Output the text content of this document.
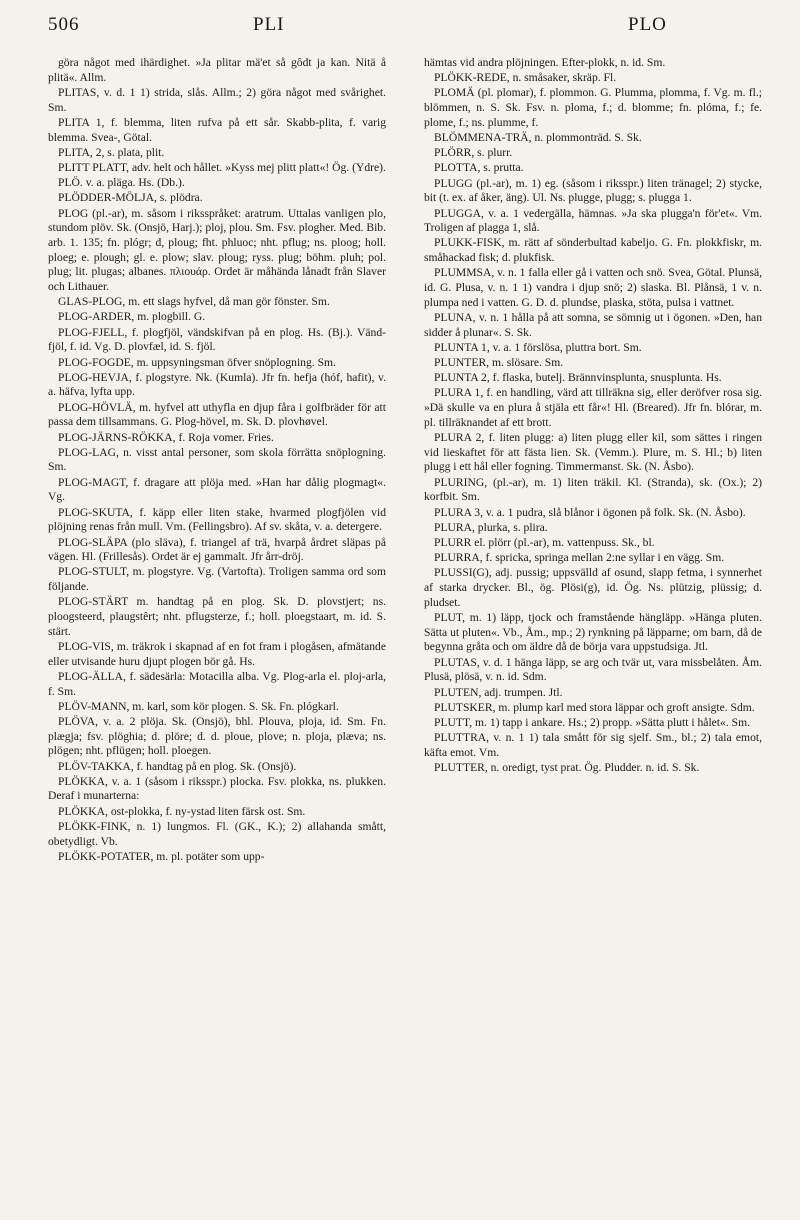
506	PLI	PLO

göra något med ihärdighet. »Ja plitar mä'et så gôdt ja kan. Nitä å plitä«. Allm.

PLITAS, v. d. 1 1) strida, slås. Allm.; 2) göra något med svårighet. Sm.

PLITA 1, f. blemma, liten rufva på ett sår. Skabb-plita, f. varig blemma. Svea-, Götal.

PLITA, 2, s. plata, plit.

PLITT PLATT, adv. helt och hållet. »Kyss mej plitt platt«! Ög. (Ydre).

PLÖ. v. a. pläga. Hs. (Db.).

PLÖDDER-MÖLJA, s. plödra.

PLOG (pl.-ar), m. såsom i riksspråket: aratrum. Uttalas vanligen plo, stundom plöv. Sk. (Onsjö, Harj.); ploj, plou. Sm. Fsv. plogher. Med. Bib. arb. 1. 135; fn. plógr; d, ploug; fht. phluoc; nht. pflug; ns. ploog; holl. ploeg; e. plough; gl. e. plow; slav. ploug; ryss. plug; böhm. pluh; pol. plug; lit. plugas; albanes. πλιουάρ. Ordet är måhända lånadt från Slaver och Lithauer.

GLAS-PLOG, m. ett slags hyfvel, då man gör fönster. Sm.

PLOG-ARDER, m. plogbill. G.

PLOG-FJELL, f. plogfjöl, vändskifvan på en plog. Hs. (Bj.). Vänd-fjöl, f. id. Vg. D. plovfæl, id. S. fjöl.

PLOG-FOGDE, m. uppsyningsman öfver snöplogning. Sm.

PLOG-HEVJA, f. plogstyre. Nk. (Kumla). Jfr fn. hefja (hóf, hafit), v. a. häfva, lyfta upp.

PLOG-HÖVLÄ, m. hyfvel att uthyfla en djup fåra i golfbräder för att passa dem tillsammans. G. Plog-hövel, m. Sk. D. plovhøvel.

PLOG-JÄRNS-RÖKKA, f. Roja vomer. Fries.

PLOG-LAG, n. visst antal personer, som skola förrätta snöplogning. Sm.

PLOG-MAGT, f. dragare att plöja med. »Han har dålig plogmagt«. Vg.

PLOG-SKUTA, f. käpp eller liten stake, hvarmed plogfjölen vid plöjning renas från mull. Vm. (Fellingsbro). Af sv. skåta, v. a. detergere.

PLOG-SLÄPA (plo släva), f. triangel af trä, hvarpå årdret släpas på vägen. Hl. (Frillesås). Ordet är ej gammalt. Jfr årr-dröj.

PLOG-STULT, m. plogstyre. Vg. (Vartofta). Troligen samma ord som följande.

PLOG-STÄRT m. handtag på en plog. Sk. D. plovstjert; ns. ploogsteerd, plaugstêrt; nht. pflugsterze, f.; holl. ploegstaart, m. id. S. stärt.

PLOG-VIS, m. träkrok i skapnad af en fot fram i plogåsen, afmätande eller utvisande huru djupt plogen bör gå. Hs.

PLOG-ÄLLA, f. sädesärla: Motacilla alba. Vg. Plog-arla el. ploj-arla, f. Sm.

PLÖV-MANN, m. karl, som kör plogen. S. Sk. Fn. plógkarl.

PLÖVA, v. a. 2 plöja. Sk. (Onsjö), bhl. Plouva, ploja, id. Sm. Fn. plægja; fsv. plöghia; d. plöre; d. d. ploue, plove; n. ploja, plæva; ns. plögen; nht. pflügen; holl. ploegen.

PLÖV-TAKKA, f. handtag på en plog. Sk. (Onsjö).

PLÖKKA, v. a. 1 (såsom i riksspr.) plocka. Fsv. plokka, ns. plukken. Deraf i munarterna:

PLÖKKA, ost-plokka, f. ny-ystad liten färsk ost. Sm.

PLÖKK-FINK, n. 1) lungmos. Fl. (GK., K.); 2) allahanda smått, obetydligt. Vb.

PLÖKK-POTATER, m. pl. potäter som upp-

hämtas vid andra plöjningen. Efter-plokk, n. id. Sm.

PLÖKK-REDE, n. småsaker, skräp. Fl.

PLOMÄ (pl. plomar), f. plommon. G. Plumma, plomma, f. Vg. m. fl.; blömmen, n. S. Sk. Fsv. n. ploma, f.; d. blomme; fn. plóma, f.; fe. plome, f.; ns. plumme, f.

BLÖMMENA-TRÄ, n. plommonträd. S. Sk.

PLÖRR, s. plurr.

PLOTTA, s. prutta.

PLUGG (pl.-ar), m. 1) eg. (såsom i riksspr.) liten tränagel; 2) stycke, bit (t. ex. af åker, äng). Ul. Ns. plugge, plugg; s. plugga 1.

PLUGGA, v. a. 1 vedergälla, hämnas. »Ja ska plugga'n för'et«. Vm. Troligen af plagga 1, slå.

PLUKK-FISK, m. rätt af sönderbultad kabeljo. G. Fn. plokkfiskr, m. småhackad fisk; d. plukfisk.

PLUMMSA, v. n. 1 falla eller gå i vatten och snö. Svea, Götal. Plunsä, id. G. Plusa, v. n. 1 1) vandra i djup snö; 2) slaska. Bl. Plånsä, 1 v. n. plumpa ned i vatten. G. D. d. plundse, plaska, stöta, pulsa i vattnet.

PLUNA, v. n. 1 hålla på att somna, se sömnig ut i ögonen. »Den, han sidder å plunar«. S. Sk.

PLUNTA 1, v. a. 1 förslösa, pluttra bort. Sm.

PLUNTER, m. slösare. Sm.

PLUNTA 2, f. flaska, butelj. Brännvinsplunta, snusplunta. Hs.

PLURA 1, f. en handling, värd att tillräkna sig, eller deröfver rosa sig. »Dä skulle va en plura å stjäla ett får«! Hl. (Breared). Jfr fn. blórar, m. pl. tillräknandet af ett brott.

PLURA 2, f. liten plugg: a) liten plugg eller kil, som sättes i ringen vid lieskaftet för att fästa lien. Sk. (Vemm.). Plure, m. S. Hl.; b) liten plugg i ett hål eller fogning. Timmermanst. Sk. (N. Åsbo).

PLURING, (pl.-ar), m. 1) liten träkil. Kl. (Stranda), sk. (Ox.); 2) korfbit. Sm.

PLURA 3, v. a. 1 pudra, slå blånor i ögonen på folk. Sk. (N. Åsbo).

PLURA, plurka, s. plira.

PLURR el. plörr (pl.-ar), m. vattenpuss. Sk., bl.

PLURRA, f. spricka, springa mellan 2:ne syllar i en vägg. Sm.

PLUSSI(G), adj. pussig; uppsvälld af osund, slapp fetma, i synnerhet af starka drycker. Bl., ög. Plösi(g), id. Ög. Ns. plützig, plüssig; d. pludset.

PLUT, m. 1) läpp, tjock och framstående hängläpp. »Hänga pluten. Sätta ut pluten«. Vb., Åm., mp.; 2) rynkning på läpparne; om barn, då de begynna gråta och om äldre då de börja vara uppstudsiga. Jtl.

PLUTAS, v. d. 1 hänga läpp, se arg och tvär ut, vara missbelåten. Åm. Plusä, plösä, v. n. id. Sdm.

PLUTEN, adj. trumpen. Jtl.

PLUTSKER, m. plump karl med stora läppar och groft ansigte. Sdm.

PLUTT, m. 1) tapp i ankare. Hs.; 2) propp. »Sätta plutt i hålet«. Sm.

PLUTTRA, v. n. 1 1) tala smått för sig sjelf. Sm., bl.; 2) tala emot, käfta emot. Vm.

PLUTTER, n. oredigt, tyst prat. Ög. Pludder. n. id. S. Sk.
